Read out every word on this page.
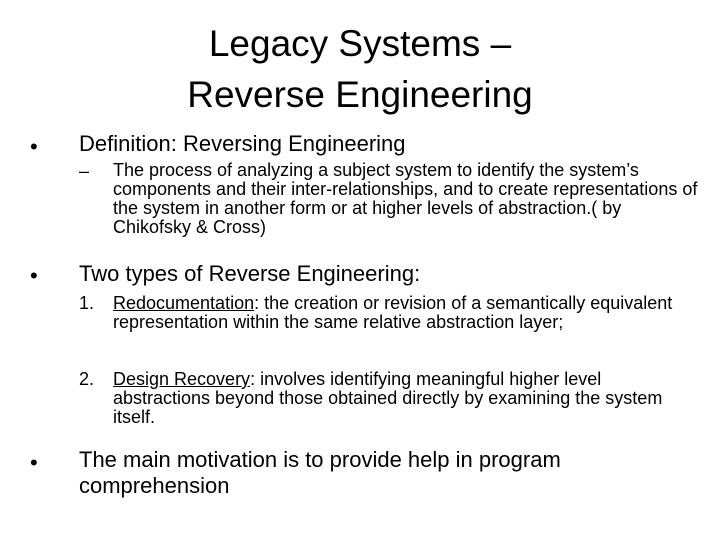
Legacy Systems –
Reverse Engineering
• Definition: Reversing Engineering
– The process of analyzing a subject system to identify the system’s components and their inter-relationships, and to create representations of the system in another form or at higher levels of abstraction.( by Chikofsky & Cross)
• Two types of Reverse Engineering:
1. Redocumentation: the creation or revision of a semantically equivalent representation within the same relative abstraction layer;
2. Design Recovery: involves identifying meaningful higher level abstractions beyond those obtained directly by examining the system itself.
• The main motivation is to provide help in program comprehension
